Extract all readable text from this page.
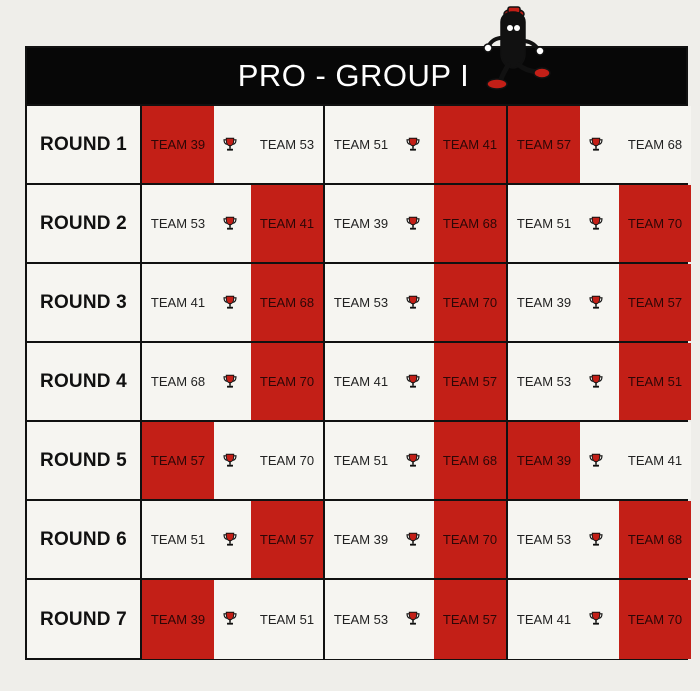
PRO - GROUP I
ROUND 1	TEAM 39	TEAM 53	TEAM 51	TEAM 41	TEAM 57	TEAM 68
ROUND 2	TEAM 53	TEAM 41	TEAM 39	TEAM 68	TEAM 51	TEAM 70
ROUND 3	TEAM 41	TEAM 68	TEAM 53	TEAM 70	TEAM 39	TEAM 57
ROUND 4	TEAM 68	TEAM 70	TEAM 41	TEAM 57	TEAM 53	TEAM 51
ROUND 5	TEAM 57	TEAM 70	TEAM 51	TEAM 68	TEAM 39	TEAM 41
ROUND 6	TEAM 51	TEAM 57	TEAM 39	TEAM 70	TEAM 53	TEAM 68
ROUND 7	TEAM 39	TEAM 51	TEAM 53	TEAM 57	TEAM 41	TEAM 70
